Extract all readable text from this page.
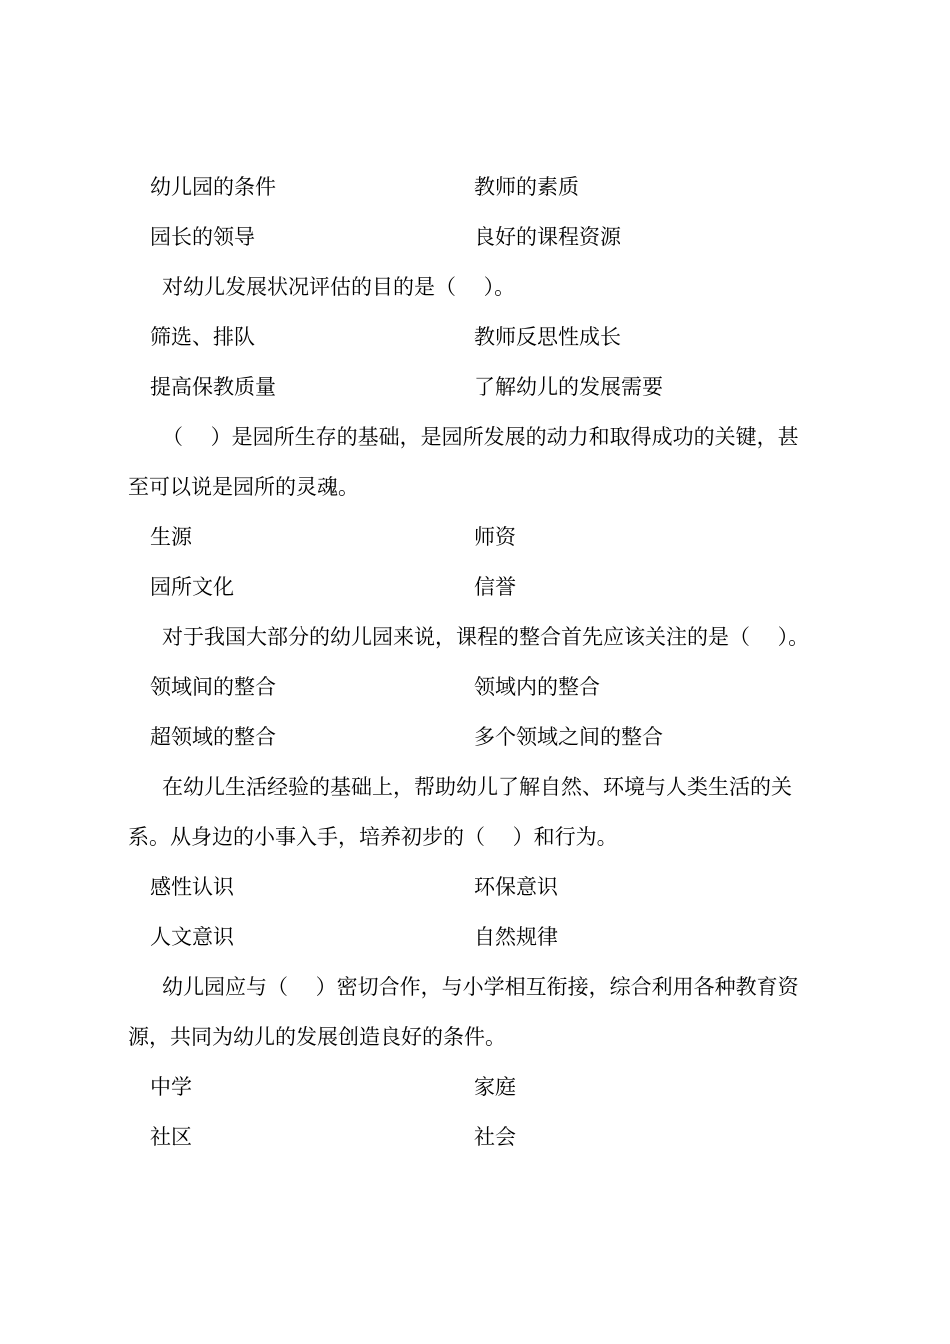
幼儿园的条件	教师的素质
园长的领导	良好的课程资源
对幼儿发展状况评估的目的是（　 ）。
筛选、排队	教师反思性成长
提高保教质量	了解幼儿的发展需要
（　 ）是园所生存的基础，是园所发展的动力和取得成功的关键，甚
至可以说是园所的灵魂。
生源	师资
园所文化	信誉
对于我国大部分的幼儿园来说，课程的整合首先应该关注的是（　 ）。
领域间的整合	领域内的整合
超领域的整合	多个领域之间的整合
在幼儿生活经验的基础上，帮助幼儿了解自然、环境与人类生活的关
系。从身边的小事入手，培养初步的（　 ）和行为。
感性认识	环保意识
人文意识	自然规律
幼儿园应与（　 ）密切合作，与小学相互衔接，综合利用各种教育资
源，共同为幼儿的发展创造良好的条件。
中学	家庭
社区	社会
